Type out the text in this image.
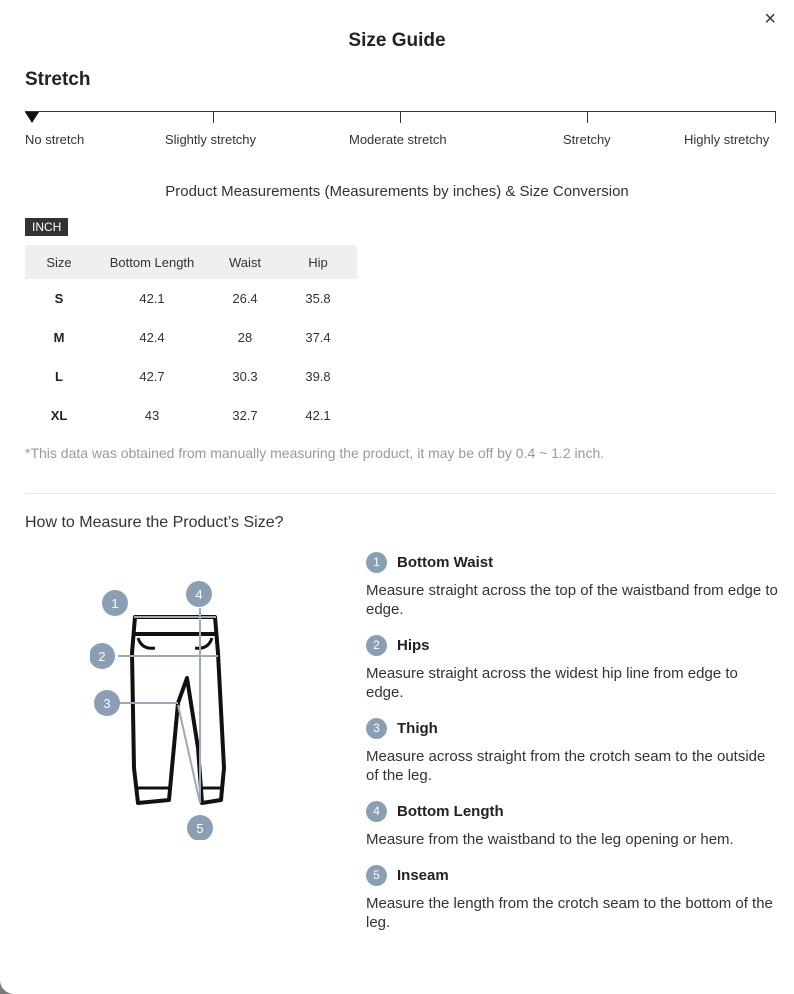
×
Size Guide
Stretch
No stretch	Slightly stretchy	Moderate stretch	Stretchy	Highly stretchy
Product Measurements (Measurements by inches) & Size Conversion
INCH
Size	Bottom Length	Waist	Hip
S	42.1	26.4	35.8
M	42.4	28	37.4
L	42.7	30.3	39.8
XL	43	32.7	42.1
*This data was obtained from manually measuring the product, it may be off by 0.4 ~ 1.2 inch.
How to Measure the Product’s Size?
1
2
3
4
5
1	Bottom Waist
Measure straight across the top of the waistband from edge to edge.
2	Hips
Measure straight across the widest hip line from edge to edge.
3	Thigh
Measure across straight from the crotch seam to the outside of the leg.
4	Bottom Length
Measure from the waistband to the leg opening or hem.
5	Inseam
Measure the length from the crotch seam to the bottom of the leg.
